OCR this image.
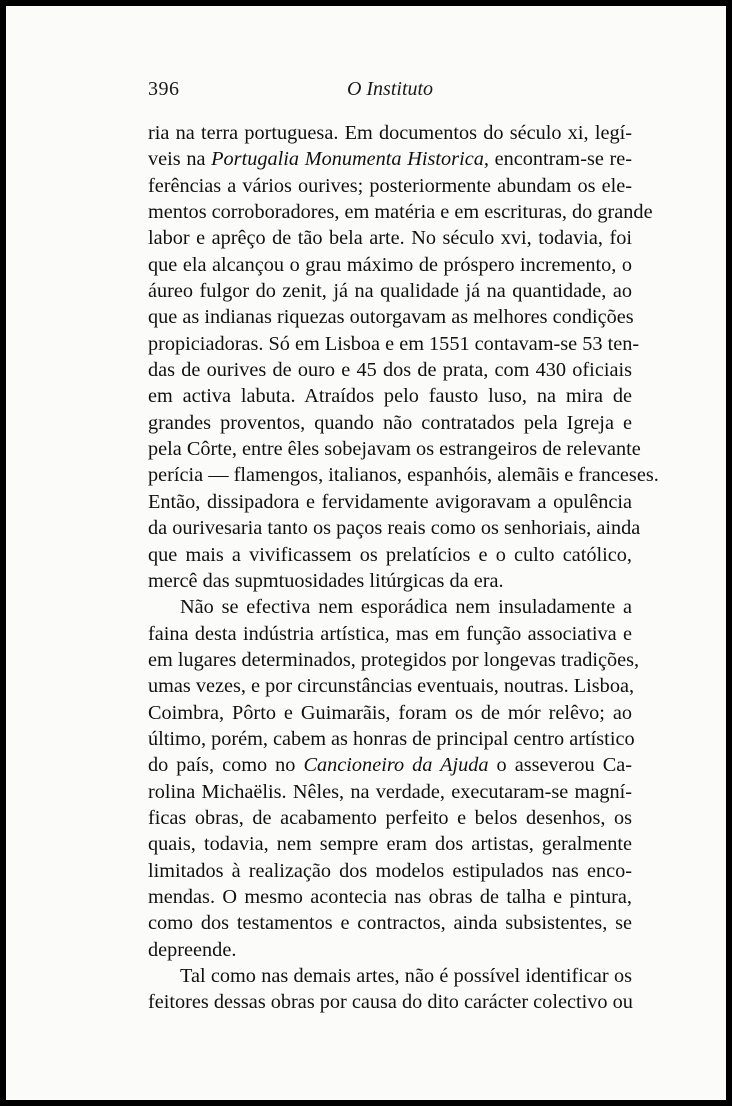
396	O Instituto
ria na terra portuguesa. Em documentos do século xi, legí-
veis na Portugalia Monumenta Historica, encontram-se re-
ferências a vários ourives; posteriormente abundam os ele-
mentos corroboradores, em matéria e em escrituras, do grande
labor e aprêço de tão bela arte. No século xvi, todavia, foi
que ela alcançou o grau máximo de próspero incremento, o
áureo fulgor do zenit, já na qualidade já na quantidade, ao
que as indianas riquezas outorgavam as melhores condições
propiciadoras. Só em Lisboa e em 1551 contavam-se 53 ten-
das de ourives de ouro e 45 dos de prata, com 430 oficiais
em activa labuta. Atraídos pelo fausto luso, na mira de
grandes proventos, quando não contratados pela Igreja e
pela Côrte, entre êles sobejavam os estrangeiros de relevante
perícia — flamengos, italianos, espanhóis, alemãis e franceses.
Então, dissipadora e fervidamente avigoravam a opulência
da ourivesaria tanto os paços reais como os senhoriais, ainda
que mais a vivificassem os prelatícios e o culto católico,
mercê das supmtuosidades litúrgicas da era.
Não se efectiva nem esporádica nem insuladamente a
faina desta indústria artística, mas em função associativa e
em lugares determinados, protegidos por longevas tradições,
umas vezes, e por circunstâncias eventuais, noutras. Lisboa,
Coimbra, Pôrto e Guimarãis, foram os de mór relêvo; ao
último, porém, cabem as honras de principal centro artístico
do país, como no Cancioneiro da Ajuda o asseverou Ca-
rolina Michaëlis. Nêles, na verdade, executaram-se magní-
ficas obras, de acabamento perfeito e belos desenhos, os
quais, todavia, nem sempre eram dos artistas, geralmente
limitados à realização dos modelos estipulados nas enco-
mendas. O mesmo acontecia nas obras de talha e pintura,
como dos testamentos e contractos, ainda subsistentes, se
depreende.
Tal como nas demais artes, não é possível identificar os
feitores dessas obras por causa do dito carácter colectivo ou
